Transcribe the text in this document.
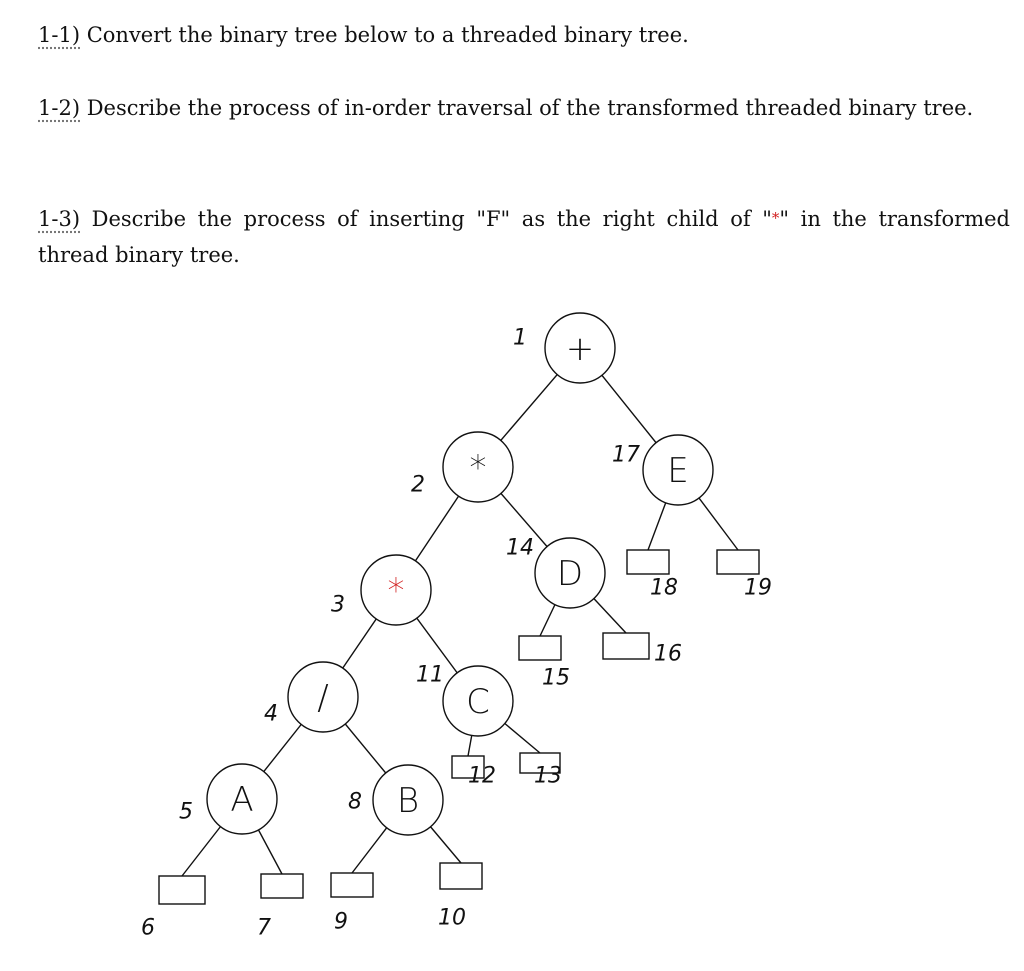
1-1) Convert the binary tree below to a threaded binary tree.
1-2) Describe the process of in-order traversal of the transformed threaded binary tree.
1-3) Describe the process of inserting "F" as the right child of "*" in the transformed thread binary tree.
+
*
*
/
A	B
C
D
E
6	7	9	10
12 13
15
16
18	19
1
2
3
4
5	8
11
14
17
